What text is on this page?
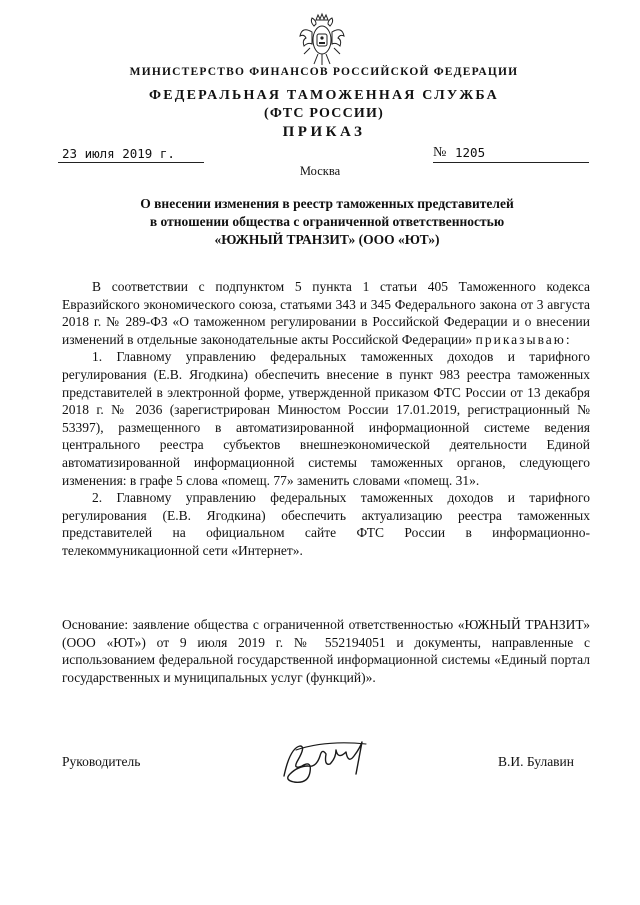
МИНИСТЕРСТВО ФИНАНСОВ РОССИЙСКОЙ ФЕДЕРАЦИИ
ФЕДЕРАЛЬНАЯ ТАМОЖЕННАЯ СЛУЖБА
(ФТС РОССИИ)
ПРИКАЗ
23 июля 2019 г.	№ 1205
Москва
О внесении изменения в реестр таможенных представителей
в отношении общества с ограниченной ответственностью
«ЮЖНЫЙ ТРАНЗИТ» (ООО «ЮТ»)

В соответствии с подпунктом 5 пункта 1 статьи 405 Таможенного кодекса Евразийского экономического союза, статьями 343 и 345 Федерального закона от 3 августа 2018 г. № 289-ФЗ «О таможенном регулировании в Российской Федерации и о внесении изменений в отдельные законодательные акты Российской Федерации» приказываю:

1. Главному управлению федеральных таможенных доходов и тарифного регулирования (Е.В. Ягодкина) обеспечить внесение в пункт 983 реестра таможенных представителей в электронной форме, утвержденной приказом ФТС России от 13 декабря 2018 г. № 2036 (зарегистрирован Минюстом России 17.01.2019, регистрационный № 53397), размещенного в автоматизированной информационной системе ведения центрального реестра субъектов внешнеэкономической деятельности Единой автоматизированной информационной системы таможенных органов, следующего изменения: в графе 5 слова «помещ. 77» заменить словами «помещ. 31».

2. Главному управлению федеральных таможенных доходов и тарифного регулирования (Е.В. Ягодкина) обеспечить актуализацию реестра таможенных представителей на официальном сайте ФТС России в информационно-телекоммуникационной сети «Интернет».

Основание: заявление общества с ограниченной ответственностью «ЮЖНЫЙ ТРАНЗИТ» (ООО «ЮТ») от 9 июля 2019 г. № 552194051 и документы, направленные с использованием федеральной государственной информационной системы «Единый портал государственных и муниципальных услуг (функций)».

Руководитель	В.И. Булавин
